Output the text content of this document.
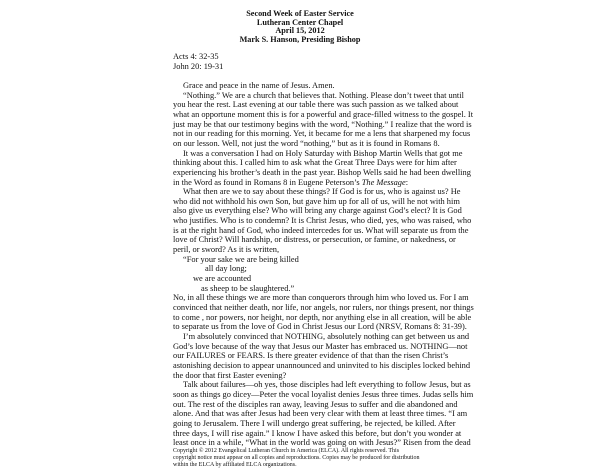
Second Week of Easter Service
Lutheran Center Chapel
April 15, 2012
Mark S. Hanson, Presiding Bishop
Acts 4: 32-35
John 20: 19-31
Grace and peace in the name of Jesus. Amen.
“Nothing.” We are a church that believes that. Nothing. Please don’t tweet that until
you hear the rest. Last evening at our table there was such passion as we talked about
what an opportune moment this is for a powerful and grace-filled witness to the gospel. It
just may be that our testimony begins with the word, “Nothing.” I realize that the word is
not in our reading for this morning. Yet, it became for me a lens that sharpened my focus
on our lesson. Well, not just the word “nothing,” but as it is found in Romans 8.
It was a conversation I had on Holy Saturday with Bishop Martin Wells that got me
thinking about this. I called him to ask what the Great Three Days were for him after
experiencing his brother’s death in the past year. Bishop Wells said he had been dwelling
in the Word as found in Romans 8 in Eugene Peterson’s The Message:
What then are we to say about these things? If God is for us, who is against us? He
who did not withhold his own Son, but gave him up for all of us, will he not with him
also give us everything else? Who will bring any charge against God’s elect? It is God
who justifies. Who is to condemn? It is Christ Jesus, who died, yes, who was raised, who
is at the right hand of God, who indeed intercedes for us. What will separate us from the
love of Christ? Will hardship, or distress, or persecution, or famine, or nakedness, or
peril, or sword? As it is written,
“For your sake we are being killed
all day long;
we are accounted
as sheep to be slaughtered.”
No, in all these things we are more than conquerors through him who loved us. For I am
convinced that neither death, nor life, nor angels, nor rulers, nor things present, nor things
to come , nor powers, nor height, nor depth, nor anything else in all creation, will be able
to separate us from the love of God in Christ Jesus our Lord (NRSV, Romans 8: 31-39).
I’m absolutely convinced that NOTHING, absolutely nothing can get between us and
God’s love because of the way that Jesus our Master has embraced us. NOTHING—not
our FAILURES or FEARS. Is there greater evidence of that than the risen Christ’s
astonishing decision to appear unannounced and uninvited to his disciples locked behind
the door that first Easter evening?
Talk about failures—oh yes, those disciples had left everything to follow Jesus, but as
soon as things go dicey—Peter the vocal loyalist denies Jesus three times. Judas sells him
out. The rest of the disciples ran away, leaving Jesus to suffer and die abandoned and
alone. And that was after Jesus had been very clear with them at least three times. “I am
going to Jerusalem. There I will undergo great suffering, be rejected, be killed. After
three days, I will rise again.” I know I have asked this before, but don’t you wonder at
least once in a while, “What in the world was going on with Jesus?” Risen from the dead
Copyright © 2012 Evangelical Lutheran Church in America (ELCA). All rights reserved. This
copyright notice must appear on all copies and reproductions. Copies may be produced for distribution
within the ELCA by affiliated ELCA organizations.
